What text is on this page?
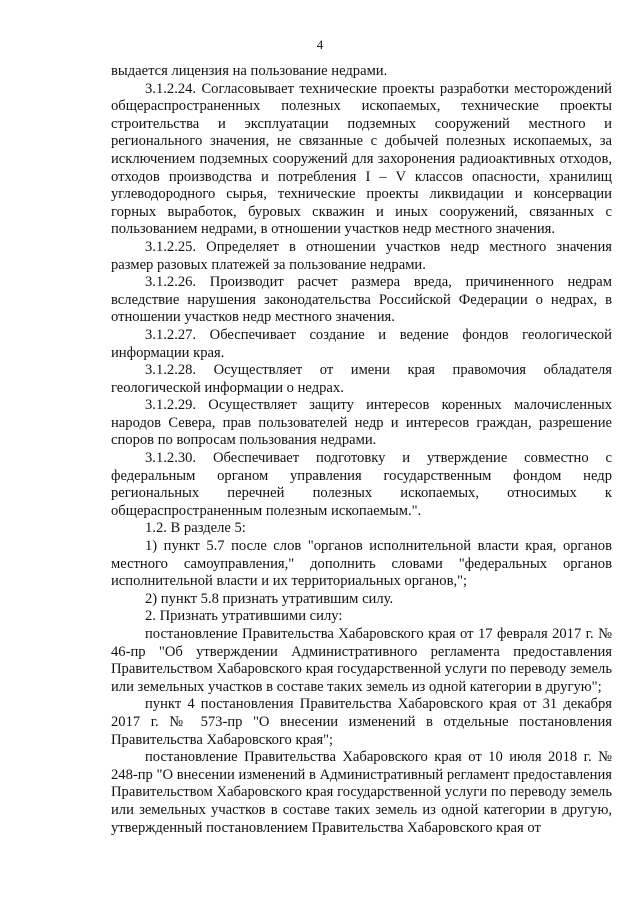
4

выдается лицензия на пользование недрами.

3.1.2.24. Согласовывает технические проекты разработки месторождений общераспространенных полезных ископаемых, технические проекты строительства и эксплуатации подземных сооружений местного и регионального значения, не связанные с добычей полезных ископаемых, за исключением подземных сооружений для захоронения радиоактивных отходов, отходов производства и потребления I – V классов опасности, хранилищ углеводородного сырья, технические проекты ликвидации и консервации горных выработок, буровых скважин и иных сооружений, связанных с пользованием недрами, в отношении участков недр местного значения.

3.1.2.25. Определяет в отношении участков недр местного значения размер разовых платежей за пользование недрами.

3.1.2.26. Производит расчет размера вреда, причиненного недрам вследствие нарушения законодательства Российской Федерации о недрах, в отношении участков недр местного значения.

3.1.2.27. Обеспечивает создание и ведение фондов геологической информации края.

3.1.2.28. Осуществляет от имени края правомочия обладателя геологической информации о недрах.

3.1.2.29. Осуществляет защиту интересов коренных малочисленных народов Севера, прав пользователей недр и интересов граждан, разрешение споров по вопросам пользования недрами.

3.1.2.30. Обеспечивает подготовку и утверждение совместно с федеральным органом управления государственным фондом недр региональных перечней полезных ископаемых, относимых к общераспространенным полезным ископаемым.".

1.2. В разделе 5:

1) пункт 5.7 после слов "органов исполнительной власти края, органов местного самоуправления," дополнить словами "федеральных органов исполнительной власти и их территориальных органов,";

2) пункт 5.8 признать утратившим силу.

2. Признать утратившими силу:

постановление Правительства Хабаровского края от 17 февраля 2017 г. № 46-пр "Об утверждении Административного регламента предоставления Правительством Хабаровского края государственной услуги по переводу земель или земельных участков в составе таких земель из одной категории в другую";

пункт 4 постановления Правительства Хабаровского края от 31 декабря 2017 г. № 573-пр "О внесении изменений в отдельные постановления Правительства Хабаровского края";

постановление Правительства Хабаровского края от 10 июля 2018 г. № 248-пр "О внесении изменений в Административный регламент предоставления Правительством Хабаровского края государственной услуги по переводу земель или земельных участков в составе таких земель из одной категории в другую, утвержденный постановлением Правительства Хабаровского края от
